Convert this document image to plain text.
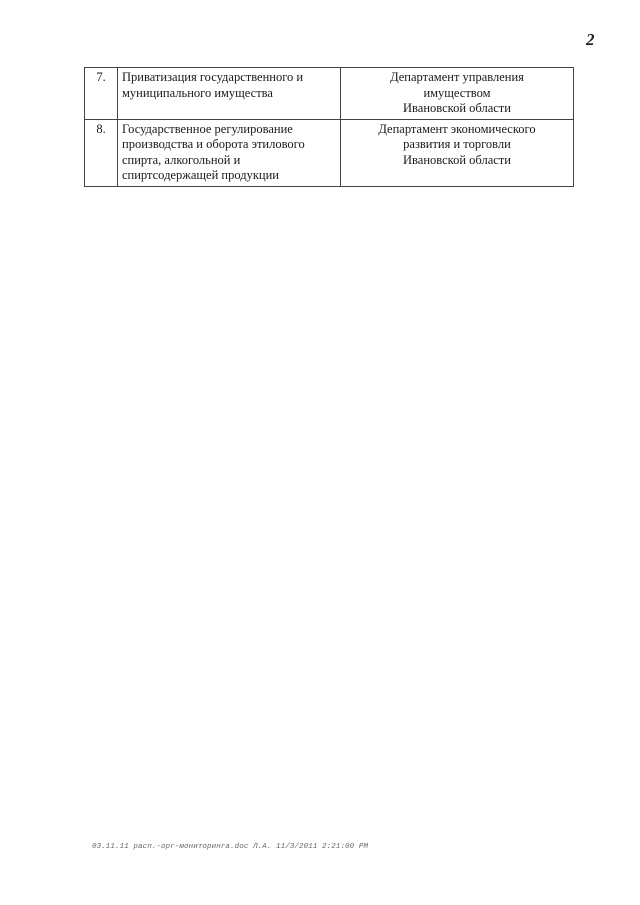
2
7.	Приватизация государственного и
муниципального имущества	Департамент управления
имуществом
Ивановской области

8.	Государственное регулирование
производства и оборота этилового
спирта, алкогольной и
спиртсодержащей продукции	Департамент экономического
развития и торговли
Ивановской области
03.11.11 расп.-орг-мониторинга.doc Л.А. 11/3/2011 2:21:00 PM
